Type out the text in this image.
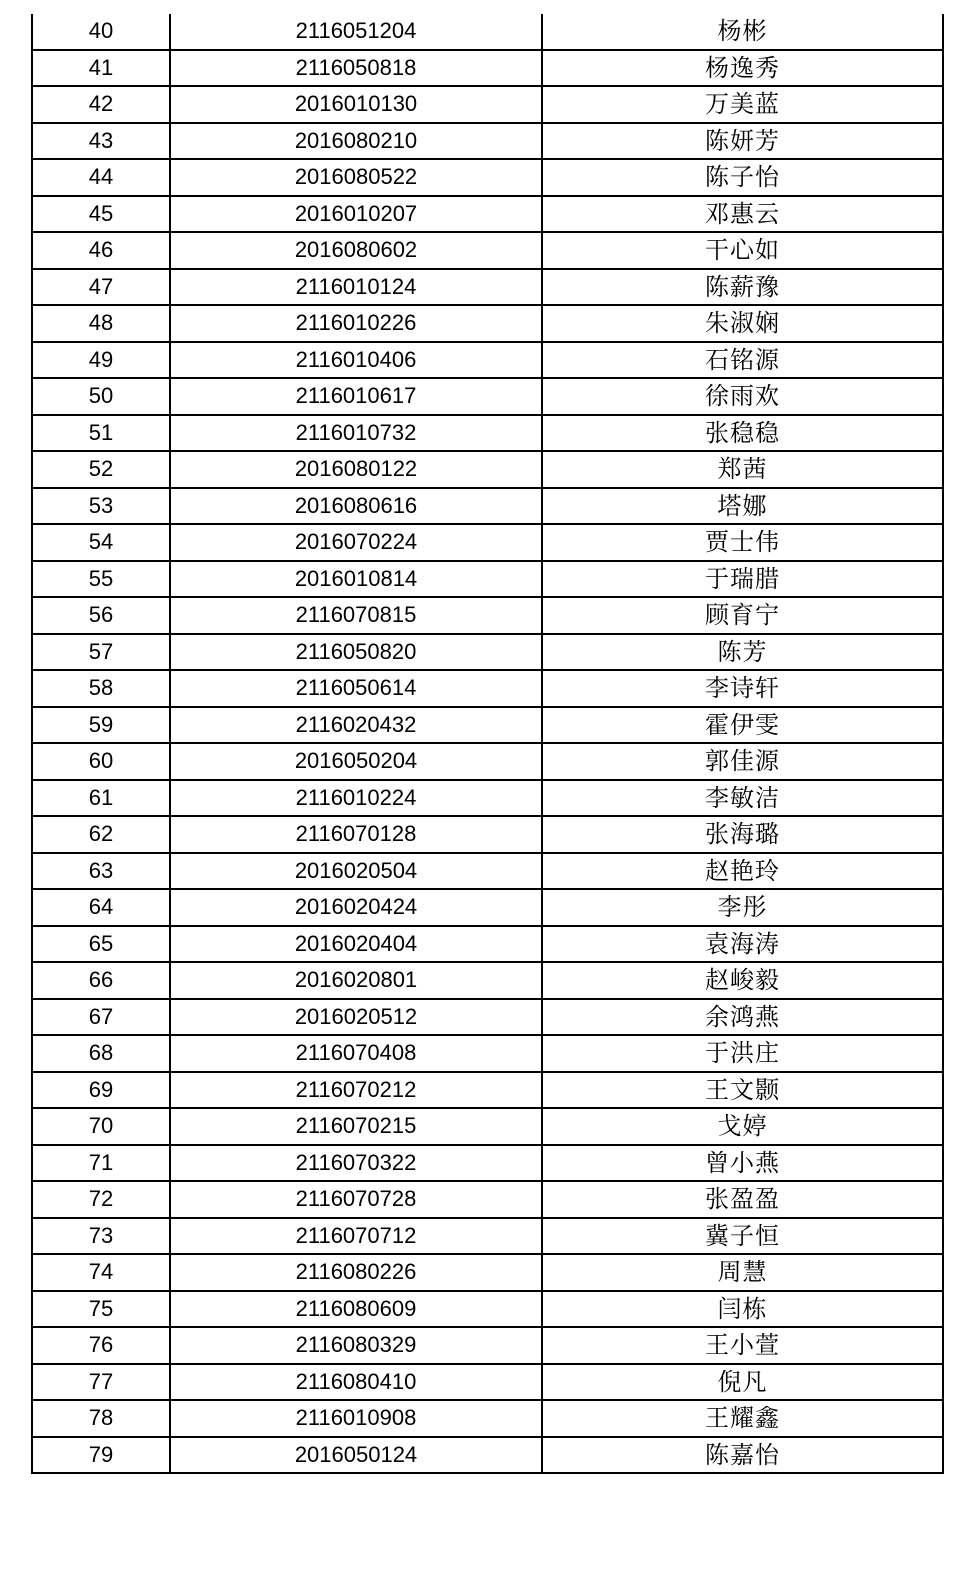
40	2116051204	杨彬
41	2116050818	杨逸秀
42	2016010130	万美蓝
43	2016080210	陈妍芳
44	2016080522	陈子怡
45	2016010207	邓惠云
46	2016080602	干心如
47	2116010124	陈薪豫
48	2116010226	朱淑娴
49	2116010406	石铭源
50	2116010617	徐雨欢
51	2116010732	张稳稳
52	2016080122	郑茜
53	2016080616	塔娜
54	2016070224	贾士伟
55	2016010814	于瑞腊
56	2116070815	顾育宁
57	2116050820	陈芳
58	2116050614	李诗轩
59	2116020432	霍伊雯
60	2016050204	郭佳源
61	2116010224	李敏洁
62	2116070128	张海璐
63	2016020504	赵艳玲
64	2016020424	李彤
65	2016020404	袁海涛
66	2016020801	赵峻毅
67	2016020512	余鸿燕
68	2116070408	于洪庄
69	2116070212	王文颢
70	2116070215	戈婷
71	2116070322	曾小燕
72	2116070728	张盈盈
73	2116070712	冀子恒
74	2116080226	周慧
75	2116080609	闫栋
76	2116080329	王小萱
77	2116080410	倪凡
78	2116010908	王耀鑫
79	2016050124	陈嘉怡
